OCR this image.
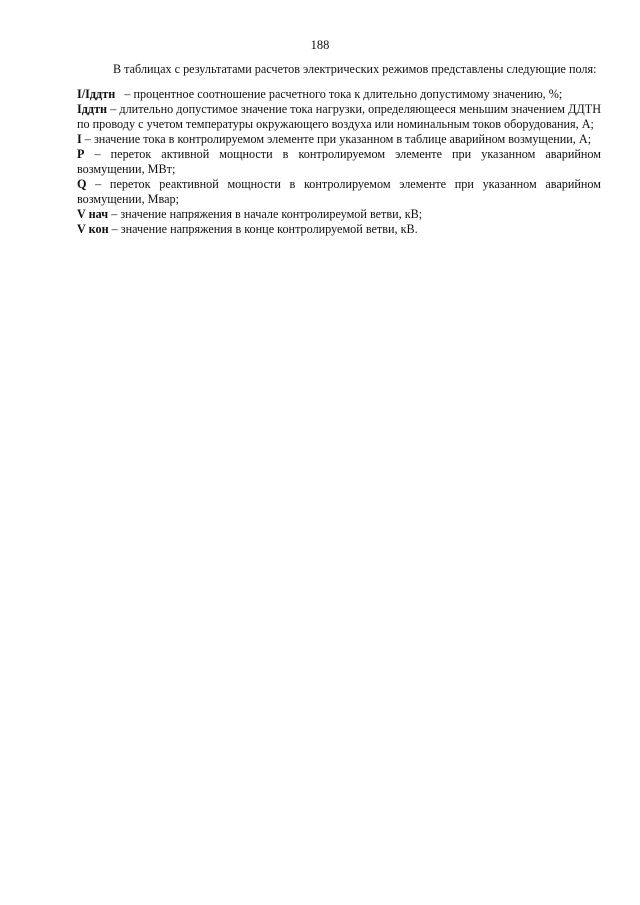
188

В таблицах с результатами расчетов электрических режимов представлены следующие поля:

I/Iддтн   – процентное соотношение расчетного тока к длительно допустимому значению, %;

Iддтн – длительно допустимое значение тока нагрузки, определяющееся меньшим значением ДДТН по проводу с учетом температуры окружающего воздуха или номинальным токов оборудования, А;

I – значение тока в контролируемом элементе при указанном в таблице аварийном возмущении, А;

P – переток активной мощности в контролируемом элементе при указанном аварийном возмущении, МВт;

Q – переток реактивной мощности в контролируемом элементе при указанном аварийном возмущении, Мвар;

V нач – значение напряжения в начале контролиреумой ветви, кВ;

V кон – значение напряжения в конце контролируемой ветви, кВ.
